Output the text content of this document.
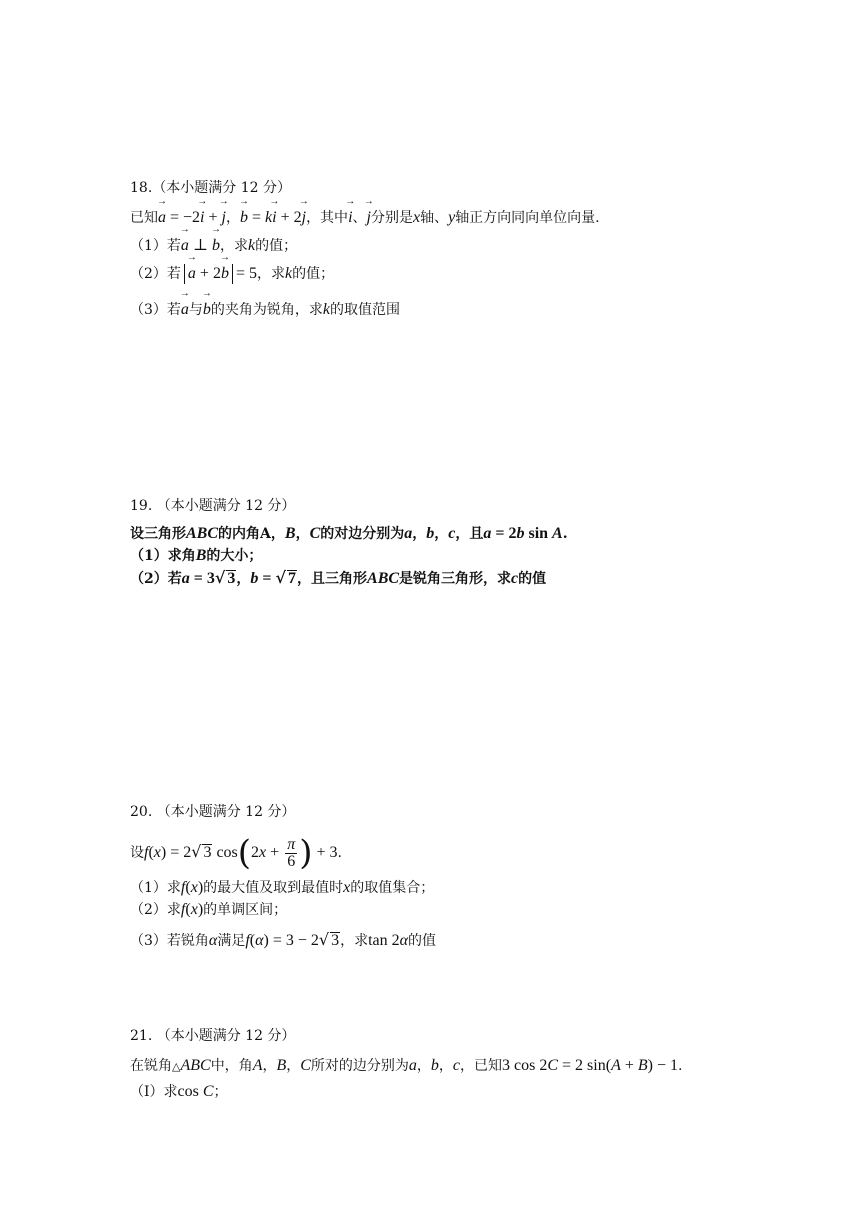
18.（本小题满分 12 分）
已知→ a = −2→ i + → j，→ b = k→ i + 2→ j，其中→ i、→ j分别是x轴、y轴正方向同向单位向量.
（1）若→ a ⊥ → b，求k的值；
（2）若→ a + 2→ b = 5，求k的值；
（3）若→ a与→ b的夹角为锐角，求k的取值范围
19. （本小题满分 12 分）
设三角形ABC的内角A，B，C的对边分别为a，b，c，且a = 2b sin A.
（1）求角B的大小；
（2）若a = 3√ 3，b = √ 7，且三角形ABC是锐角三角形，求c的值
20. （本小题满分 12 分）
设f(x) = 2√ 3 $\cos(2x + \frac{\pi}{6}$ ) + 3.
（1）求f(x)的最大值及取到最值时x的取值集合；
（2）求f(x)的单调区间；
（3）若锐角α满足f(α) = 3 − 2√ 3，求tan 2α的值
21. （本小题满分 12 分）
在锐角△ABC中，角A，B，C所对的边分别为a，b，c，已知3 cos 2C = 2 sin(A + B) − 1.
（I）求cos C；
